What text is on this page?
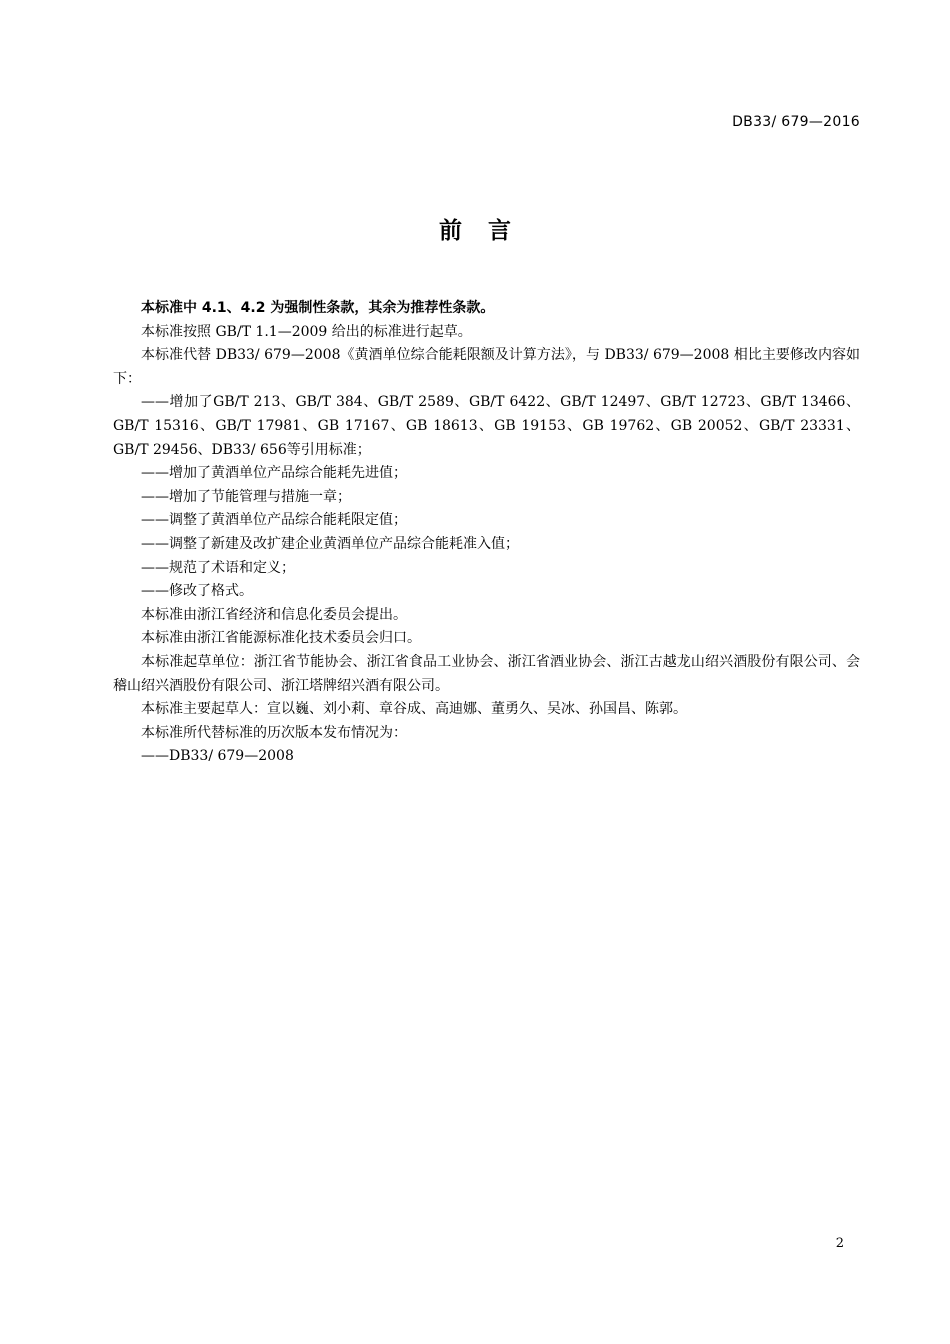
DB33/ 679—2016
前言

本标准中 4.1、4.2 为强制性条款，其余为推荐性条款。

本标准按照 GB/T 1.1—2009 给出的标准进行起草。

本标准代替 DB33/ 679—2008《黄酒单位综合能耗限额及计算方法》，与 DB33/ 679—2008 相比主要修改内容如下：

——增加了GB/T 213、GB/T 384、GB/T 2589、GB/T 6422、GB/T 12497、GB/T 12723、GB/T 13466、GB/T 15316、GB/T 17981、GB 17167、GB 18613、GB 19153、GB 19762、GB 20052、GB/T 23331、GB/T 29456、DB33/ 656等引用标准；

——增加了黄酒单位产品综合能耗先进值；

——增加了节能管理与措施一章；

——调整了黄酒单位产品综合能耗限定值；

——调整了新建及改扩建企业黄酒单位产品综合能耗准入值；

——规范了术语和定义；

——修改了格式。

本标准由浙江省经济和信息化委员会提出。

本标准由浙江省能源标准化技术委员会归口。

本标准起草单位：浙江省节能协会、浙江省食品工业协会、浙江省酒业协会、浙江古越龙山绍兴酒股份有限公司、会稽山绍兴酒股份有限公司、浙江塔牌绍兴酒有限公司。

本标准主要起草人：宣以巍、刘小莉、章谷成、高迪娜、董勇久、吴冰、孙国昌、陈郭。

本标准所代替标准的历次版本发布情况为：

——DB33/ 679—2008

2
